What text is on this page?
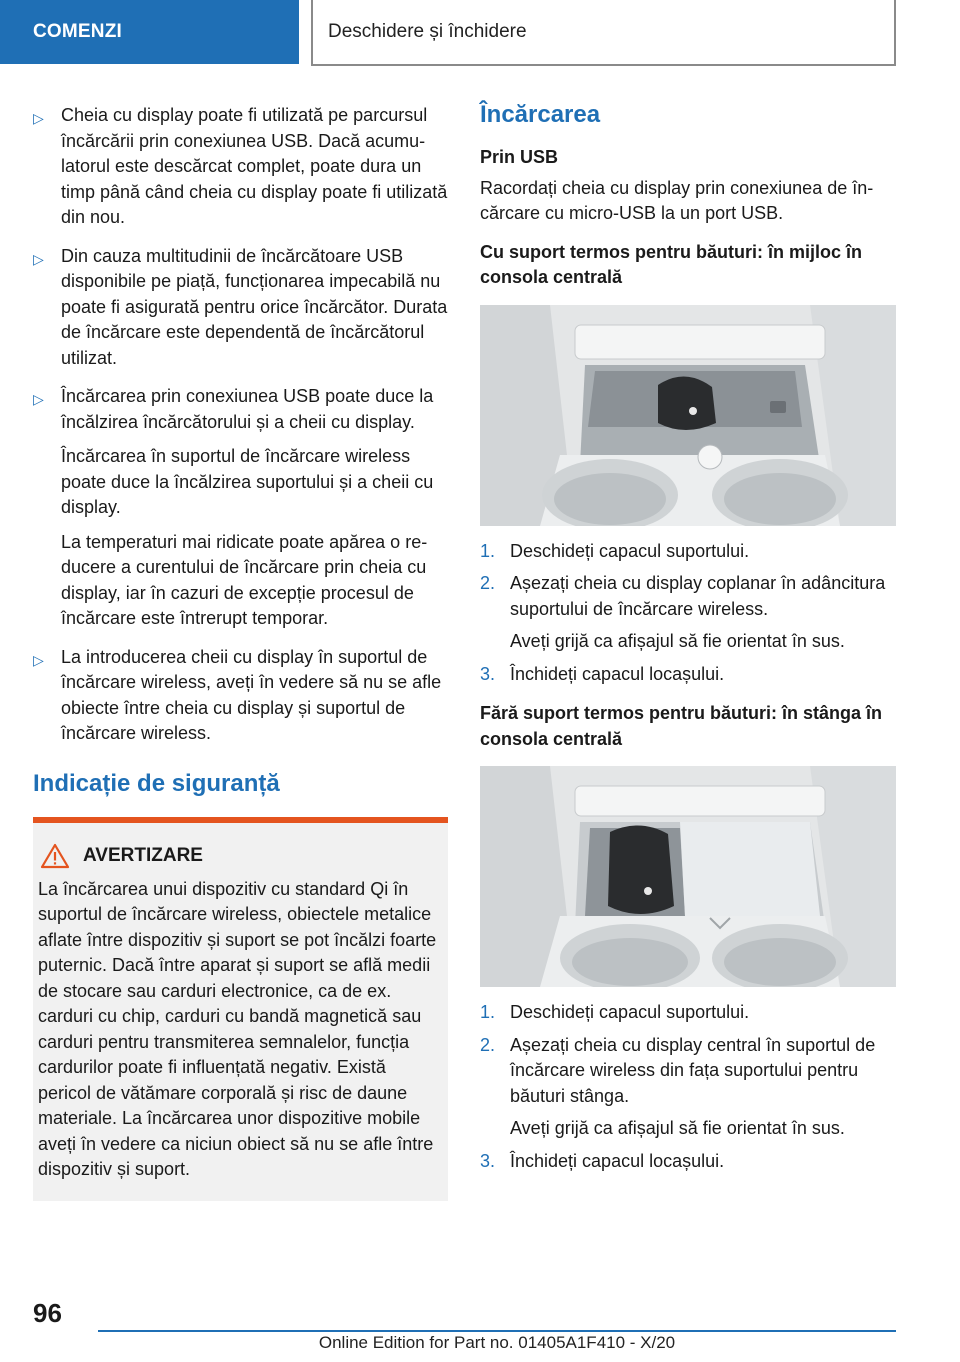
COMENZI	Deschidere și închidere
▷ Cheia cu display poate fi utilizată pe parcursul încărcării prin conexiunea USB. Dacă acumulatorul este descărcat complet, poate dura un timp până când cheia cu display poate fi utilizată din nou.

▷ Din cauza multitudinii de încărcătoare USB disponibile pe piață, funcționarea impecabilă nu poate fi asigurată pentru orice încărcător. Durata de încărcare este dependentă de încărcătorul utilizat.

▷ Încărcarea prin conexiunea USB poate duce la încălzirea încărcătorului și a cheii cu display.

Încărcarea în suportul de încărcare wireless poate duce la încălzirea suportului și a cheii cu display.

La temperaturi mai ridicate poate apărea o reducere a curentului de încărcare prin cheia cu display, iar în cazuri de excepție procesul de încărcare este întrerupt temporar.

▷ La introducerea cheii cu display în suportul de încărcare wireless, aveți în vedere să nu se afle obiecte între cheia cu display și suportul de încărcare wireless.

Indicație de siguranță
AVERTIZARE
La încărcarea unui dispozitiv cu standard Qi în suportul de încărcare wireless, obiectele metalice aflate între dispozitiv și suport se pot încălzi foarte puternic. Dacă între aparat și suport se află medii de stocare sau carduri electronice, ca de ex. carduri cu chip, carduri cu bandă magnetică sau carduri pentru transmiterea semnalelor, funcția cardurilor poate fi influențată negativ. Există pericol de vătămare corporală și risc de daune materiale. La încărcarea unor dispozitive mobile aveți în vedere ca niciun obiect să nu se afle între dispozitiv și suport.
Încărcarea
Prin USB
Racordați cheia cu display prin conexiunea de încărcare cu micro-USB la un port USB.
Cu suport termos pentru băuturi: în mijloc în consola centrală
1. Deschideți capacul suportului.

2. Așezați cheia cu display coplanar în adâncitura suportului de încărcare wireless.

Aveți grijă ca afișajul să fie orientat în sus.

3. Închideți capacul locașului.

Fără suport termos pentru băuturi: în stânga în consola centrală
1. Deschideți capacul suportului.

2. Așezați cheia cu display central în suportul de încărcare wireless din fața suportului pentru băuturi stânga.

Aveți grijă ca afișajul să fie orientat în sus.

3. Închideți capacul locașului.

96
Online Edition for Part no. 01405A1F410 - X/20
